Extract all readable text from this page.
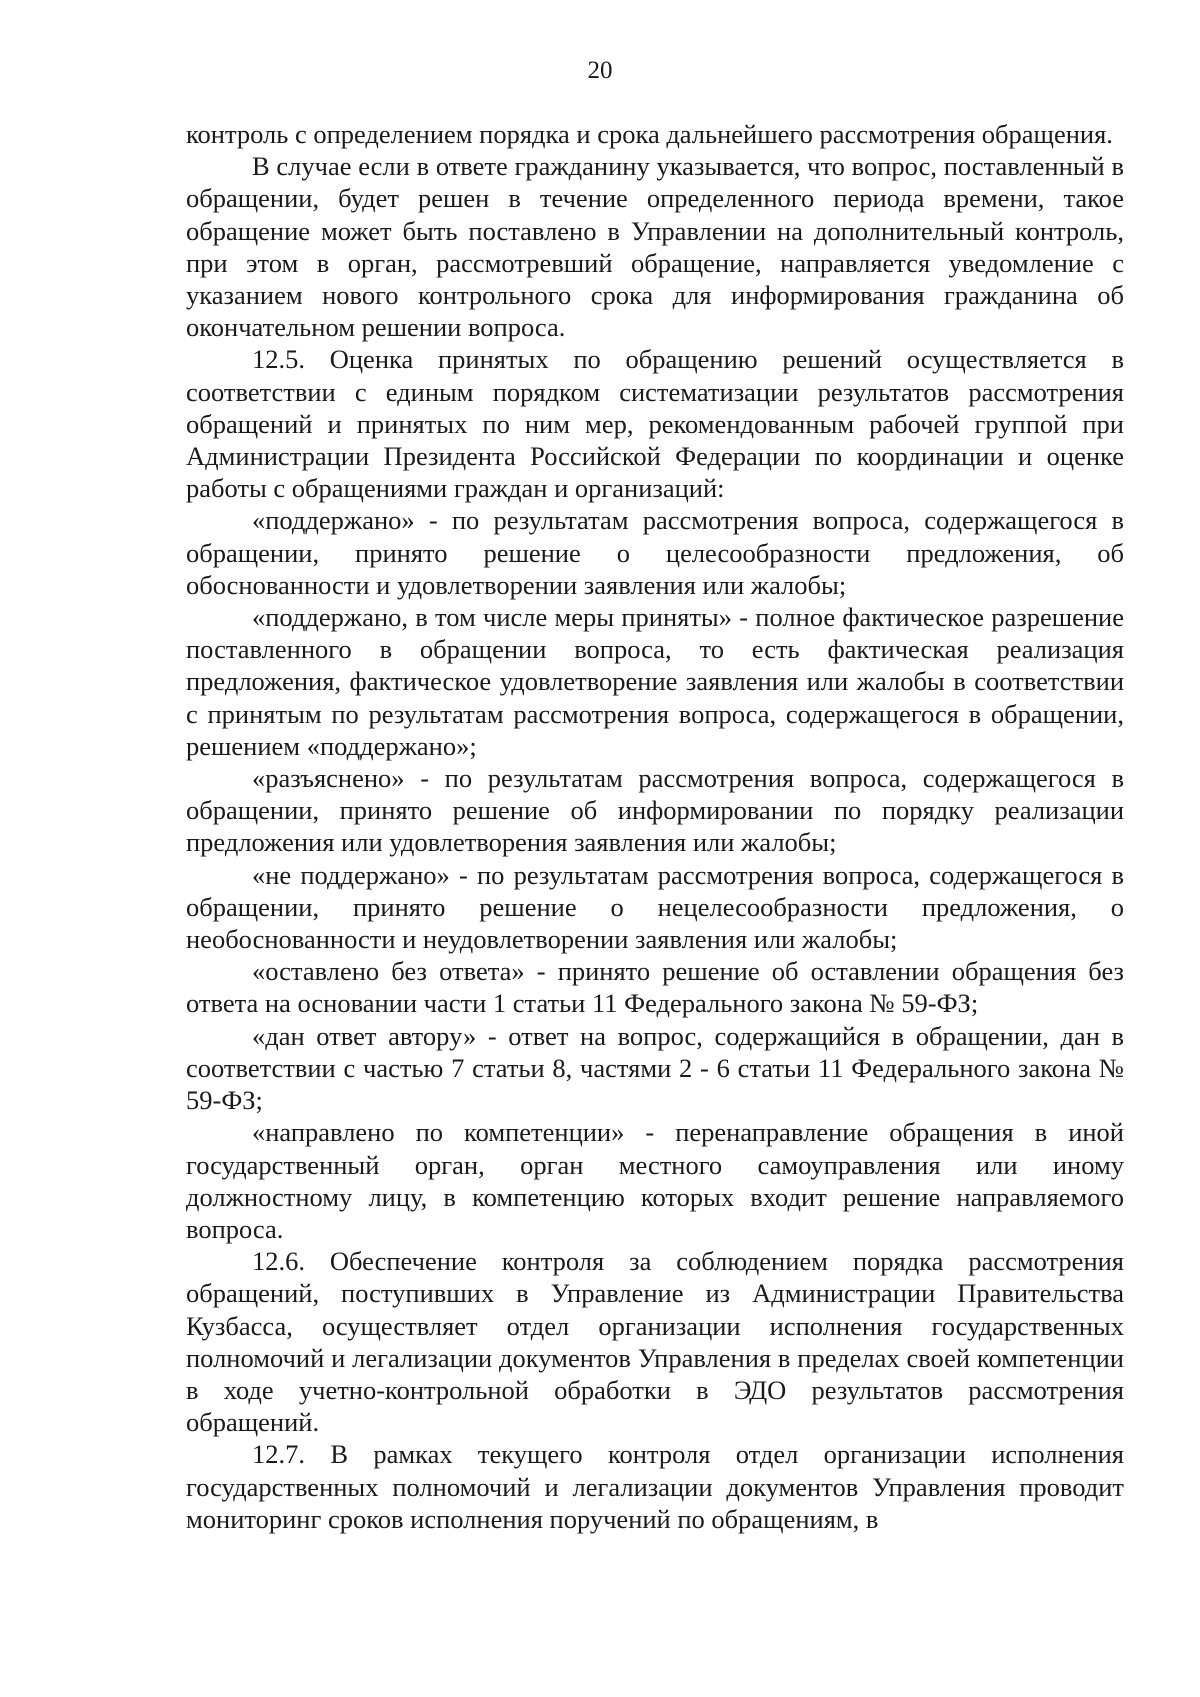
20

контроль с определением порядка и срока дальнейшего рассмотрения обращения.

В случае если в ответе гражданину указывается, что вопрос, поставленный в обращении, будет решен в течение определенного периода времени, такое обращение может быть поставлено в Управлении на дополнительный контроль, при этом в орган, рассмотревший обращение, направляется уведомление с указанием нового контрольного срока для информирования гражданина об окончательном решении вопроса.

12.5. Оценка принятых по обращению решений осуществляется в соответствии с единым порядком систематизации результатов рассмотрения обращений и принятых по ним мер, рекомендованным рабочей группой при Администрации Президента Российской Федерации по координации и оценке работы с обращениями граждан и организаций:

«поддержано» - по результатам рассмотрения вопроса, содержащегося в обращении, принято решение о целесообразности предложения, об обоснованности и удовлетворении заявления или жалобы;

«поддержано, в том числе меры приняты» - полное фактическое разрешение поставленного в обращении вопроса, то есть фактическая реализация предложения, фактическое удовлетворение заявления или жалобы в соответствии с принятым по результатам рассмотрения вопроса, содержащегося в обращении, решением «поддержано»;

«разъяснено» - по результатам рассмотрения вопроса, содержащегося в обращении, принято решение об информировании по порядку реализации предложения или удовлетворения заявления или жалобы;

«не поддержано» - по результатам рассмотрения вопроса, содержащегося в обращении, принято решение о нецелесообразности предложения, о необоснованности и неудовлетворении заявления или жалобы;

«оставлено без ответа» - принято решение об оставлении обращения без ответа на основании части 1 статьи 11 Федерального закона № 59-ФЗ;

«дан ответ автору» - ответ на вопрос, содержащийся в обращении, дан в соответствии с частью 7 статьи 8, частями 2 - 6 статьи 11 Федерального закона № 59-ФЗ;

«направлено по компетенции» - перенаправление обращения в иной государственный орган, орган местного самоуправления или иному должностному лицу, в компетенцию которых входит решение направляемого вопроса.

12.6. Обеспечение контроля за соблюдением порядка рассмотрения обращений, поступивших в Управление из Администрации Правительства Кузбасса, осуществляет отдел организации исполнения государственных полномочий и легализации документов Управления в пределах своей компетенции в ходе учетно-контрольной обработки в ЭДО результатов рассмотрения обращений.

12.7. В рамках текущего контроля отдел организации исполнения государственных полномочий и легализации документов Управления проводит мониторинг сроков исполнения поручений по обращениям, в
